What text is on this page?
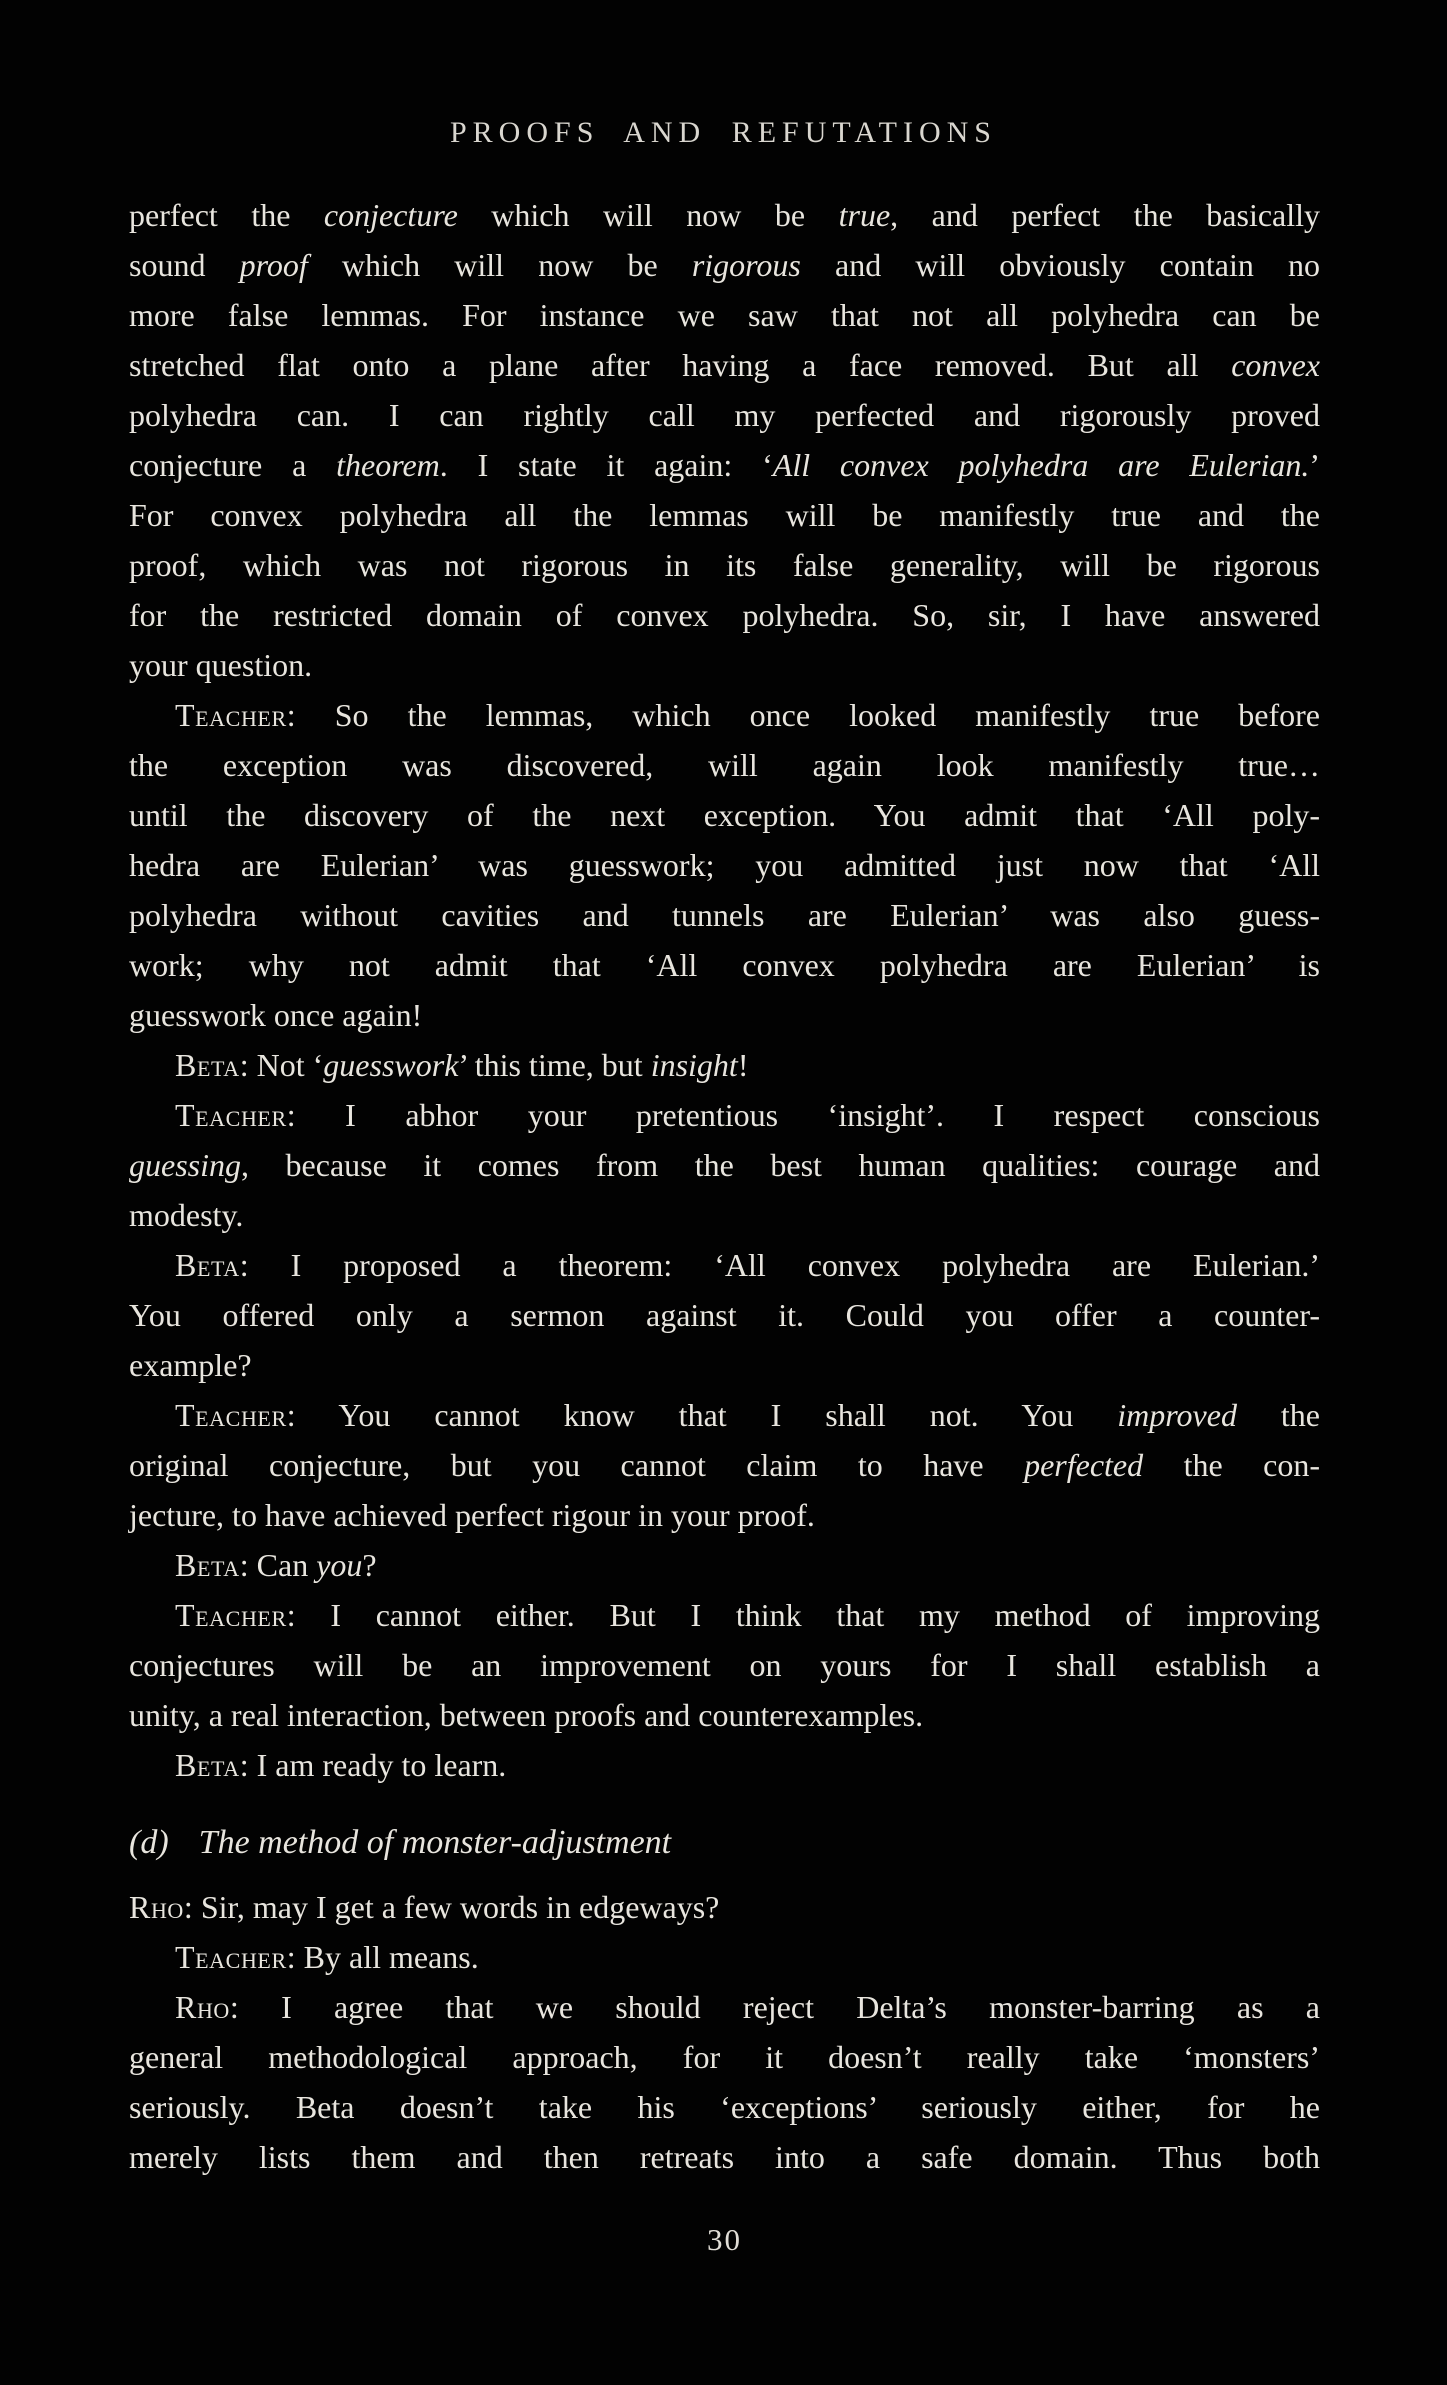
PROOFS AND REFUTATIONS
perfect the conjecture which will now be true, and perfect the basically
sound proof which will now be rigorous and will obviously contain no
more false lemmas. For instance we saw that not all polyhedra can be
stretched flat onto a plane after having a face removed. But all convex
polyhedra can. I can rightly call my perfected and rigorously proved
conjecture a theorem. I state it again: ‘All convex polyhedra are Eulerian.’
For convex polyhedra all the lemmas will be manifestly true and the
proof, which was not rigorous in its false generality, will be rigorous
for the restricted domain of convex polyhedra. So, sir, I have answered
your question.
Teacher: So the lemmas, which once looked manifestly true before
the exception was discovered, will again look manifestly true…
until the discovery of the next exception. You admit that ‘All poly-
hedra are Eulerian’ was guesswork; you admitted just now that ‘All
polyhedra without cavities and tunnels are Eulerian’ was also guess-
work; why not admit that ‘All convex polyhedra are Eulerian’ is
guesswork once again!
Beta: Not ‘guesswork’ this time, but insight!
Teacher: I abhor your pretentious ‘insight’. I respect conscious
guessing, because it comes from the best human qualities: courage and
modesty.
Beta: I proposed a theorem: ‘All convex polyhedra are Eulerian.’
You offered only a sermon against it. Could you offer a counter-
example?
Teacher: You cannot know that I shall not. You improved the
original conjecture, but you cannot claim to have perfected the con-
jecture, to have achieved perfect rigour in your proof.
Beta: Can you?
Teacher: I cannot either. But I think that my method of improving
conjectures will be an improvement on yours for I shall establish a
unity, a real interaction, between proofs and counterexamples.
Beta: I am ready to learn.
(d) The method of monster-adjustment
Rho: Sir, may I get a few words in edgeways?
Teacher: By all means.
Rho: I agree that we should reject Delta’s monster-barring as a
general methodological approach, for it doesn’t really take ‘monsters’
seriously. Beta doesn’t take his ‘exceptions’ seriously either, for he
merely lists them and then retreats into a safe domain. Thus both
30
